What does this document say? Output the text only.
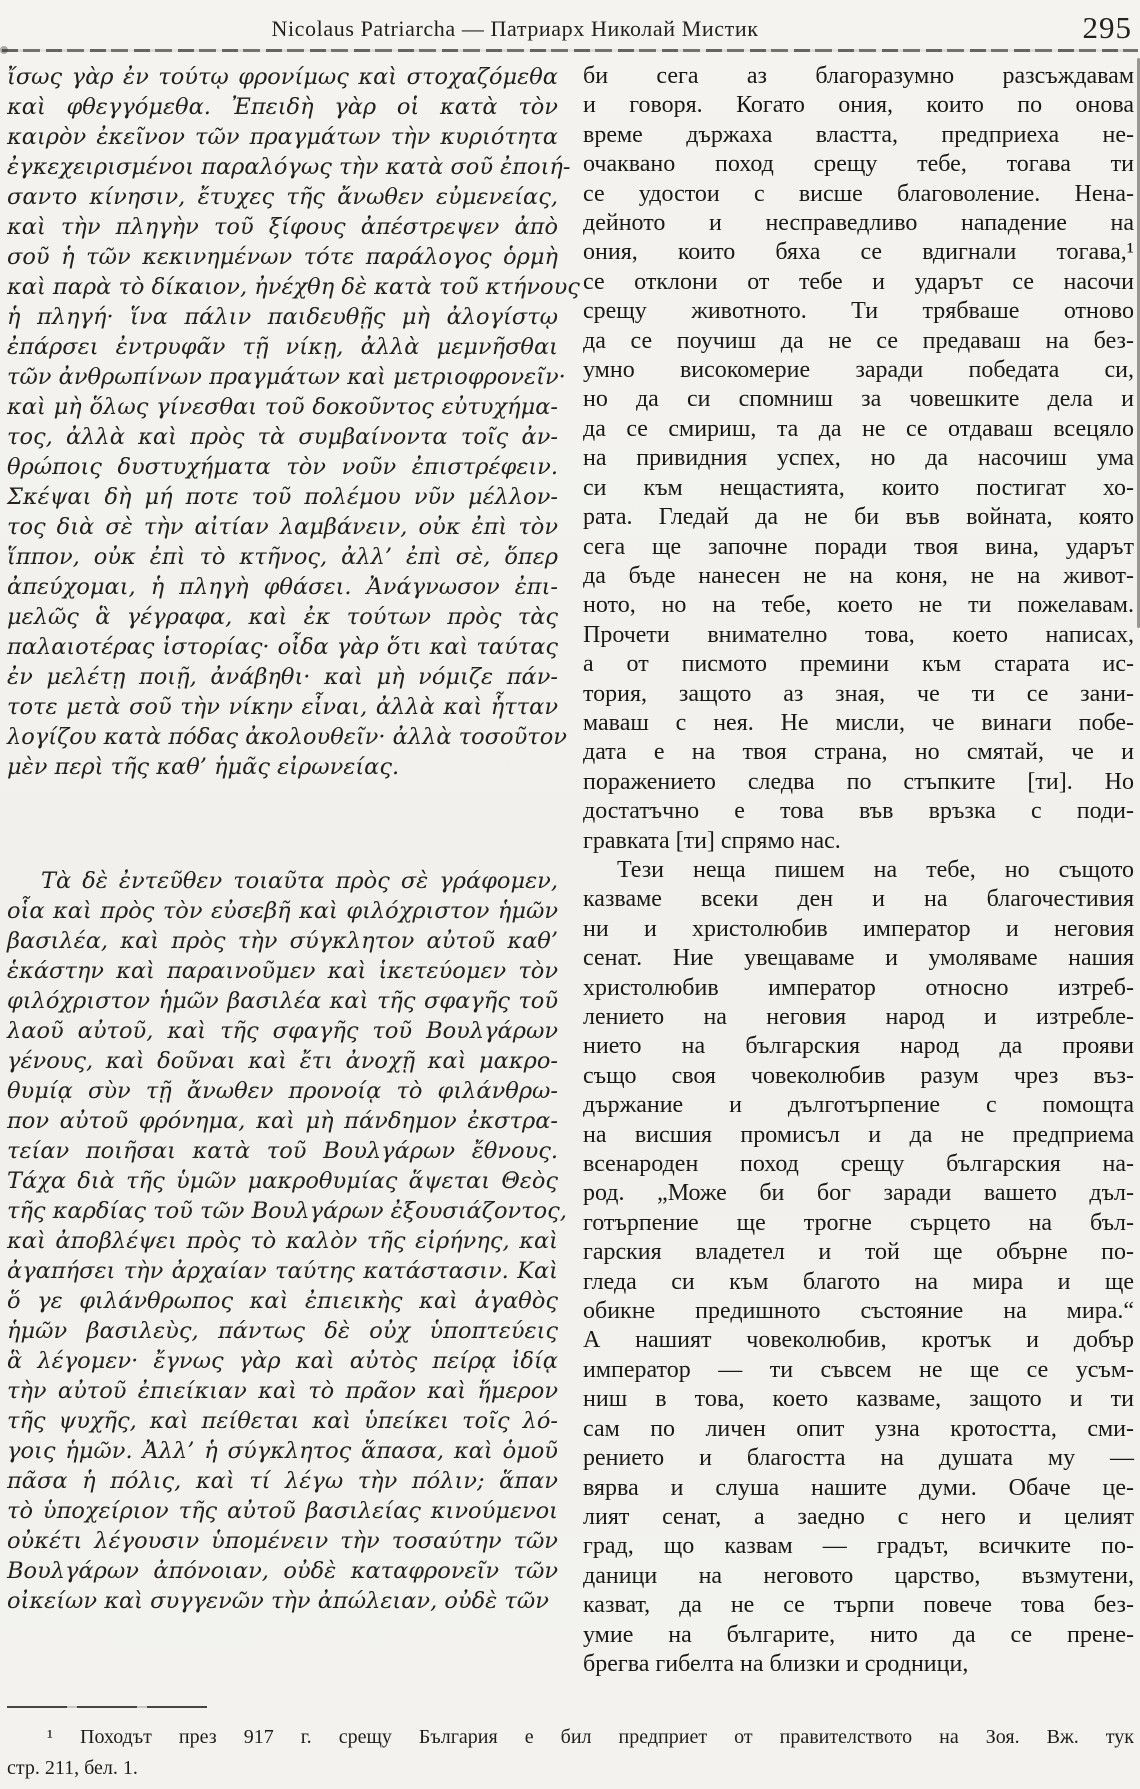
Nicolaus Patriarcha — Патриарх Николай Мистик	295
ἴσως γὰρ ἐν τούτῳ φρονίμως καὶ στοχαζόμεθα
καὶ φθεγγόμεθα. Ἐπειδὴ γὰρ οἱ κατὰ τὸν
καιρὸν ἐκεῖνον τῶν πραγμάτων τὴν κυριότητα
ἐγκεχειρισμένοι παραλόγως τὴν κατὰ σοῦ ἐποιή-
σαντο κίνησιν, ἔτυχες τῆς ἄνωθεν εὐμενείας,
καὶ τὴν πληγὴν τοῦ ξίφους ἀπέστρεψεν ἀπὸ
σοῦ ἡ τῶν κεκινημένων τότε παράλογος ὁρμὴ
καὶ παρὰ τὸ δίκαιον, ἠνέχθη δὲ κατὰ τοῦ κτήνους
ἡ πληγή· ἵνα πάλιν παιδευθῇς μὴ ἀλογίστῳ
ἐπάρσει ἐντρυφᾶν τῇ νίκῃ, ἀλλὰ μεμνῆσθαι
τῶν ἀνθρωπίνων πραγμάτων καὶ μετριοφρονεῖν·
καὶ μὴ ὅλως γίνεσθαι τοῦ δοκοῦντος εὐτυχήμα-
τος, ἀλλὰ καὶ πρὸς τὰ συμβαίνοντα τοῖς ἀν-
θρώποις δυστυχήματα τὸν νοῦν ἐπιστρέφειν.
Σκέψαι δὴ μή ποτε τοῦ πολέμου νῦν μέλλον-
τος διὰ σὲ τὴν αἰτίαν λαμβάνειν, οὐκ ἐπὶ τὸν
ἵππον, οὐκ ἐπὶ τὸ κτῆνος, ἀλλ’ ἐπὶ σὲ, ὅπερ
ἀπεύχομαι, ἡ πληγὴ φθάσει. Ἀνάγνωσον ἐπι-
μελῶς ἃ γέγραφα, καὶ ἐκ τούτων πρὸς τὰς
παλαιοτέρας ἱστορίας· οἶδα γὰρ ὅτι καὶ ταύτας
ἐν μελέτῃ ποιῇ, ἀνάβηθι· καὶ μὴ νόμιζε πάν-
τοτε μετὰ σοῦ τὴν νίκην εἶναι, ἀλλὰ καὶ ἧτταν
λογίζου κατὰ πόδας ἀκολουθεῖν· ἀλλὰ τοσοῦτον
μὲν περὶ τῆς καθ’ ἡμᾶς εἰρωνείας.
Τὰ δὲ ἐντεῦθεν τοιαῦτα πρὸς σὲ γράφομεν,
οἷα καὶ πρὸς τὸν εὐσεβῆ καὶ φιλόχριστον ἡμῶν
βασιλέα, καὶ πρὸς τὴν σύγκλητον αὐτοῦ καθ’
ἑκάστην καὶ παραινοῦμεν καὶ ἱκετεύομεν τὸν
φιλόχριστον ἡμῶν βασιλέα καὶ τῆς σφαγῆς τοῦ
λαοῦ αὐτοῦ, καὶ τῆς σφαγῆς τοῦ Βουλγάρων
γένους, καὶ δοῦναι καὶ ἔτι ἀνοχῇ καὶ μακρο-
θυμίᾳ σὺν τῇ ἄνωθεν προνοίᾳ τὸ φιλάνθρω-
πον αὐτοῦ φρόνημα, καὶ μὴ πάνδημον ἐκστρα-
τείαν ποιῆσαι κατὰ τοῦ Βουλγάρων ἔθνους.
Τάχα διὰ τῆς ὑμῶν μακροθυμίας ἅψεται Θεὸς
τῆς καρδίας τοῦ τῶν Βουλγάρων ἐξουσιάζοντος,
καὶ ἀποβλέψει πρὸς τὸ καλὸν τῆς εἰρήνης, καὶ
ἀγαπήσει τὴν ἀρχαίαν ταύτης κατάστασιν. Καὶ
ὅ γε φιλάνθρωπος καὶ ἐπιεικὴς καὶ ἀγαθὸς
ἡμῶν βασιλεὺς, πάντως δὲ οὐχ ὑποπτεύεις
ἃ λέγομεν· ἔγνως γὰρ καὶ αὐτὸς πείρᾳ ἰδίᾳ
τὴν αὐτοῦ ἐπιείκιαν καὶ τὸ πρᾶον καὶ ἥμερον
τῆς ψυχῆς, καὶ πείθεται καὶ ὑπείκει τοῖς λό-
γοις ἡμῶν. Ἀλλ’ ἡ σύγκλητος ἅπασα, καὶ ὁμοῦ
πᾶσα ἡ πόλις, καὶ τί λέγω τὴν πόλιν; ἅπαν
τὸ ὑποχείριον τῆς αὐτοῦ βασιλείας κινούμενοι
οὐκέτι λέγουσιν ὑπομένειν τὴν τοσαύτην τῶν
Βουλγάρων ἀπόνοιαν, οὐδὲ καταφρονεῖν τῶν
οἰκείων καὶ συγγενῶν τὴν ἀπώλειαν, οὐδὲ τῶν
би сега аз благоразумно разсъждавам
и говоря. Когато ония, които по онова
време държаха властта, предприеха не-
очаквано поход срещу тебе, тогава ти
се удостои с висше благоволение. Нена-
дейното и несправедливо нападение на
ония, които бяха се вдигнали тогава,¹
се отклони от тебе и ударът се насочи
срещу животното. Ти трябваше отново
да се поучиш да не се предаваш на без-
умно високомерие заради победата си,
но да си спомниш за човешките дела и
да се смириш, та да не се отдаваш всецяло
на привидния успех, но да насочиш ума
си към нещастията, които постигат хо-
рата. Гледай да не би във войната, която
сега ще започне поради твоя вина, ударът
да бъде нанесен не на коня, не на живот-
ното, но на тебе, което не ти пожелавам.
Прочети внимателно това, което написах,
а от писмото премини към старата ис-
тория, защото аз зная, че ти се зани-
маваш с нея. Не мисли, че винаги побе-
дата е на твоя страна, но смятай, че и
поражението следва по стъпките [ти]. Но
достатъчно е това във връзка с поди-
гравката [ти] спрямо нас.
Тези неща пишем на тебе, но същото
казваме всеки ден и на благочестивия
ни и христолюбив император и неговия
сенат. Ние увещаваме и умоляваме нашия
христолюбив император относно изтреб-
лението на неговия народ и изтребле-
нието на българския народ да прояви
също своя човеколюбив разум чрез въз-
държание и дълготърпение с помощта
на висшия промисъл и да не предприема
всенароден поход срещу българския на-
род. „Може би бог заради вашето дъл-
готърпение ще трогне сърцето на бъл-
гарския владетел и той ще обърне по-
гледа си към благото на мира и ще
обикне предишното състояние на мира.“
А нашият човеколюбив, кротък и добър
император — ти съвсем не ще се усъм-
ниш в това, което казваме, защото и ти
сам по личен опит узна кротостта, сми-
рението и благостта на душата му —
вярва и слуша нашите думи. Обаче це-
лият сенат, а заедно с него и целият
град, що казвам — градът, всичките по-
даници на неговото царство, възмутени,
казват, да не се търпи повече това без-
умие на българите, нито да се прене-
брегва гибелта на близки и сродници,
¹ Походът през 917 г. срещу България е бил предприет от правителството на Зоя. Вж. тук
стр. 211, бел. 1.
